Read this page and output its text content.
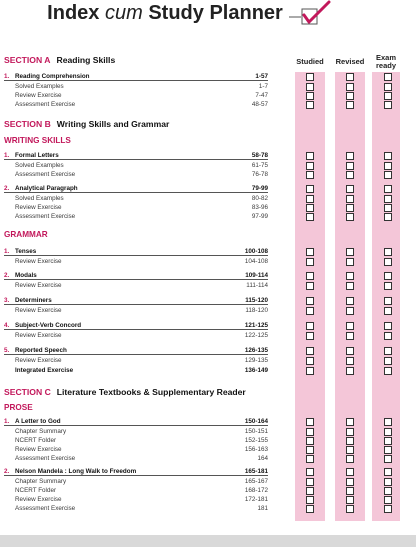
Index cum Study Planner
Studied	Revised	Exam
ready
SECTION A Reading Skills
SECTION B Writing Skills and Grammar
SECTION C Literature Textbooks & Supplementary Reader
WRITING SKILLS
GRAMMAR
PROSE
1. Reading Comprehension	1-57
Solved Examples	1-7
Review Exercise	7-47
Assessment Exercise	48-57
1. Formal Letters	58-78
Solved Examples	61-75
Assessment Exercise	76-78
2. Analytical Paragraph	79-99
Solved Examples	80-82
Review Exercise	83-96
Assessment Exercise	97-99
1. Tenses	100-108
Review Exercise	104-108
2. Modals	109-114
Review Exercise	111-114
3. Determiners	115-120
Review Exercise	118-120
4. Subject-Verb Concord	121-125
Review Exercise	122-125
5. Reported Speech	126-135
Review Exercise	129-135
Integrated Exercise	136-149
1. A Letter to God	150-164
Chapter Summary	150-151
NCERT Folder	152-155
Review Exercise	156-163
Assessment Exercise	164
2. Nelson Mandela : Long Walk to Freedom	165-181
Chapter Summary	165-167
NCERT Folder	168-172
Review Exercise	172-181
Assessment Exercise	181
